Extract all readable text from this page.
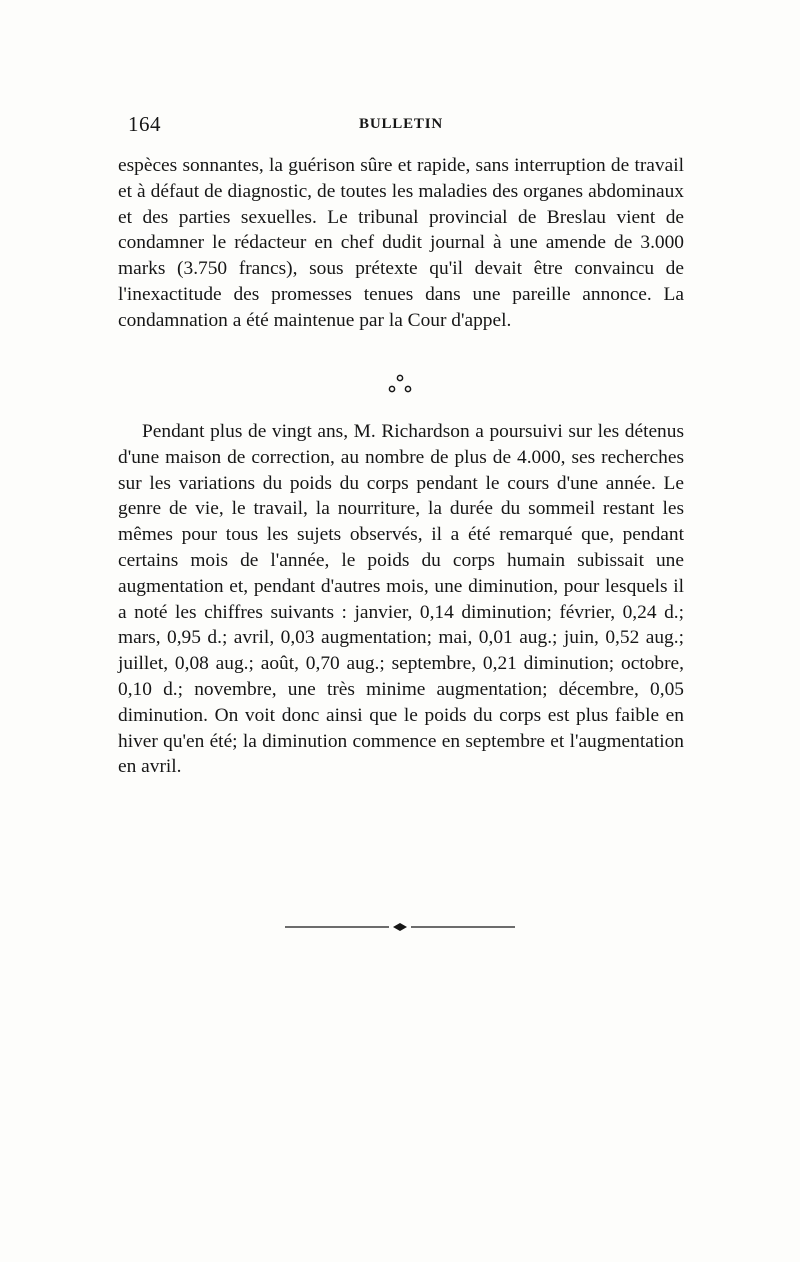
164	BULLETIN

espèces sonnantes, la guérison sûre et rapide, sans interruption de travail et à défaut de diagnostic, de toutes les maladies des organes abdominaux et des parties sexuelles. Le tribunal provincial de Breslau vient de condamner le rédacteur en chef dudit journal à une amende de 3.000 marks (3.750 francs), sous prétexte qu'il devait être convaincu de l'inexactitude des promesses tenues dans une pareille annonce. La condamnation a été maintenue par la Cour d'appel.

Pendant plus de vingt ans, M. Richardson a poursuivi sur les détenus d'une maison de correction, au nombre de plus de 4.000, ses recherches sur les variations du poids du corps pendant le cours d'une année. Le genre de vie, le travail, la nourriture, la durée du sommeil restant les mêmes pour tous les sujets observés, il a été remarqué que, pendant certains mois de l'année, le poids du corps humain subissait une augmentation et, pendant d'autres mois, une diminution, pour lesquels il a noté les chiffres suivants : janvier, 0,14 diminution; février, 0,24 d.; mars, 0,95 d.; avril, 0,03 augmentation; mai, 0,01 aug.; juin, 0,52 aug.; juillet, 0,08 aug.; août, 0,70 aug.; septembre, 0,21 diminution; octobre, 0,10 d.; novembre, une très minime augmentation; décembre, 0,05 diminution. On voit donc ainsi que le poids du corps est plus faible en hiver qu'en été; la diminution commence en septembre et l'augmentation en avril.
